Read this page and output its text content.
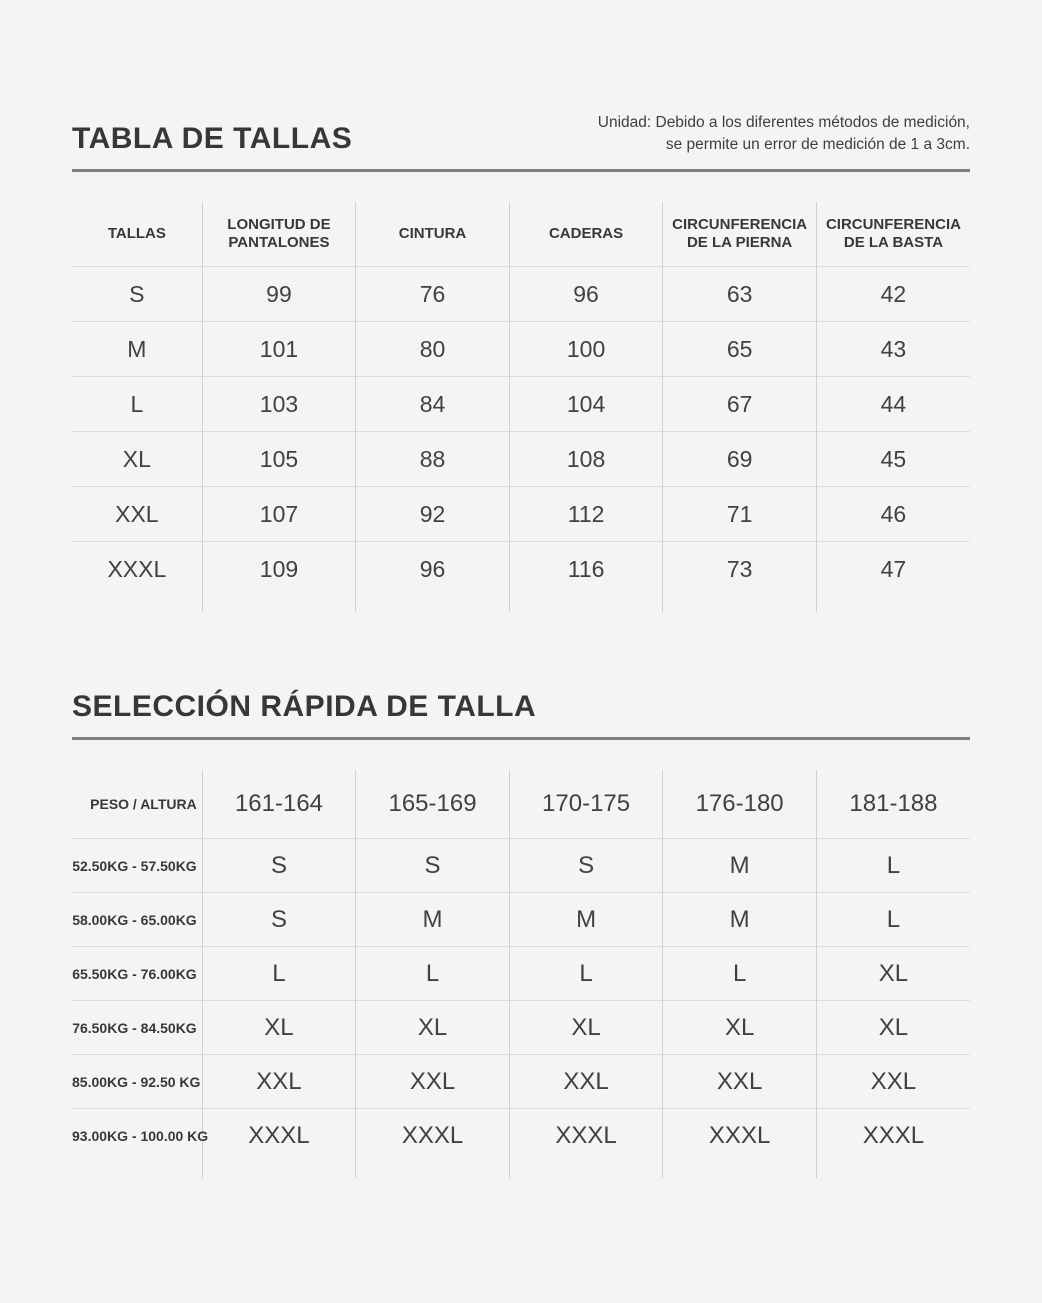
TABLA DE TALLAS	Unidad: Debido a los diferentes métodos de medición,
se permite un error de medición de 1 a 3cm.
TALLAS	LONGITUD DE PANTALONES	CINTURA	CADERAS	CIRCUNFERENCIA DE LA PIERNA	CIRCUNFERENCIA DE LA BASTA
S	99	76	96	63	42
M	101	80	100	65	43
L	103	84	104	67	44
XL	105	88	108	69	45
XXL	107	92	112	71	46
XXXL	109	96	116	73	47

SELECCIÓN RÁPIDA DE TALLA
PESO / ALTURA	161-164	165-169	170-175	176-180	181-188
52.50KG - 57.50KG	S	S	S	M	L
58.00KG - 65.00KG	S	M	M	M	L
65.50KG - 76.00KG	L	L	L	L	XL
76.50KG - 84.50KG	XL	XL	XL	XL	XL
85.00KG - 92.50 KG	XXL	XXL	XXL	XXL	XXL
93.00KG - 100.00 KG	XXXL	XXXL	XXXL	XXXL	XXXL
